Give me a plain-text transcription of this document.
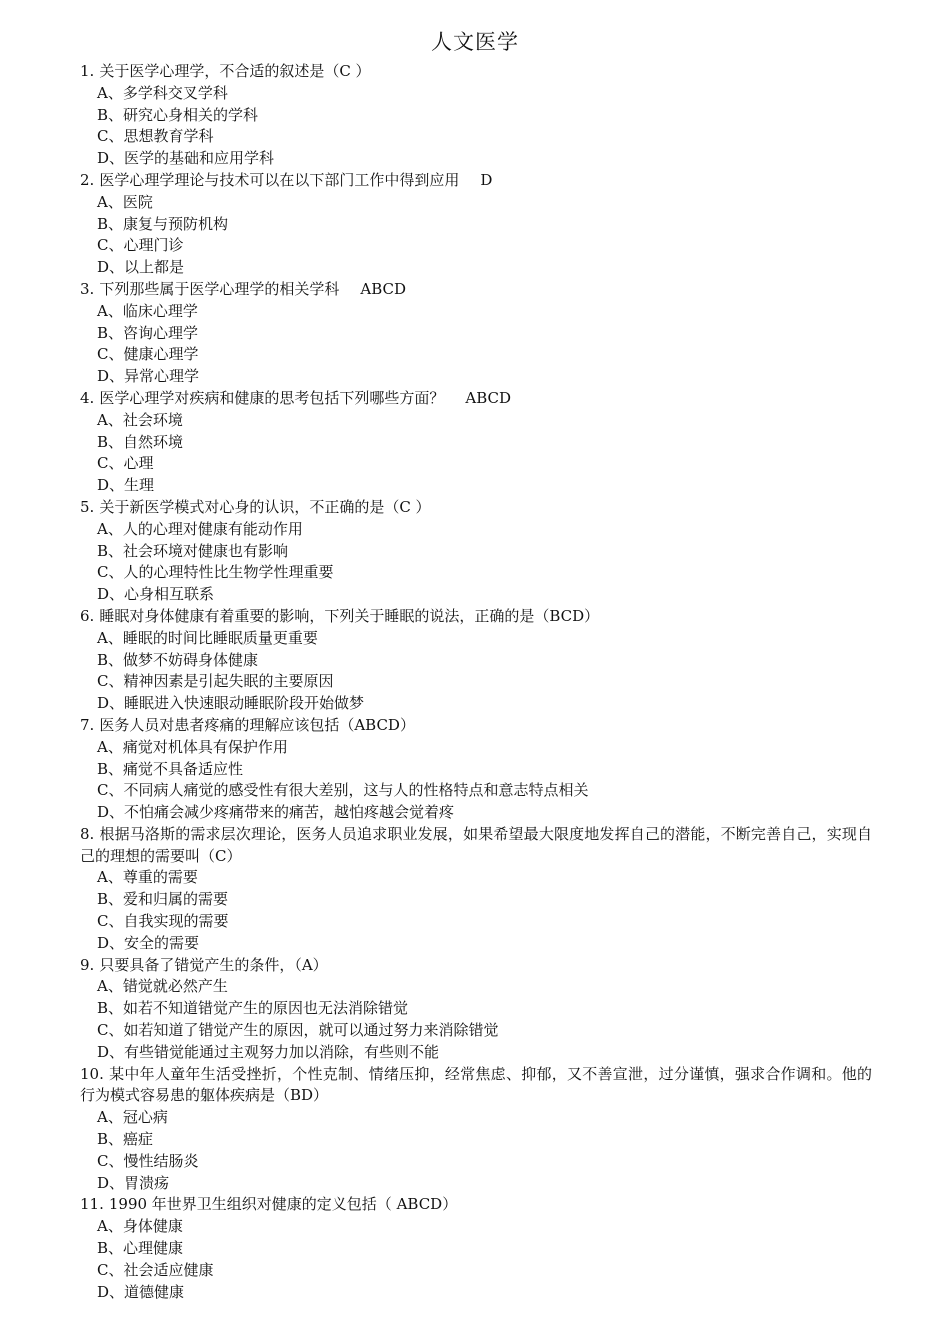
人文医学
1. 关于医学心理学，不合适的叙述是（C ）
A、多学科交叉学科
B、研究心身相关的学科
C、思想教育学科
D、医学的基础和应用学科
2. 医学心理学理论与技术可以在以下部门工作中得到应用    D
A、医院
B、康复与预防机构
C、心理门诊
D、以上都是
3. 下列那些属于医学心理学的相关学科    ABCD
A、临床心理学
B、咨询心理学
C、健康心理学
D、异常心理学
4. 医学心理学对疾病和健康的思考包括下列哪些方面？    ABCD
A、社会环境
B、自然环境
C、心理
D、生理
5. 关于新医学模式对心身的认识，不正确的是（C ）
A、人的心理对健康有能动作用
B、社会环境对健康也有影响
C、人的心理特性比生物学性理重要
D、心身相互联系
6. 睡眠对身体健康有着重要的影响，下列关于睡眠的说法，正确的是（BCD）
A、睡眠的时间比睡眠质量更重要
B、做梦不妨碍身体健康
C、精神因素是引起失眠的主要原因
D、睡眠进入快速眼动睡眠阶段开始做梦
7. 医务人员对患者疼痛的理解应该包括（ABCD）
A、痛觉对机体具有保护作用
B、痛觉不具备适应性
C、不同病人痛觉的感受性有很大差别，这与人的性格特点和意志特点相关
D、不怕痛会减少疼痛带来的痛苦，越怕疼越会觉着疼
8. 根据马洛斯的需求层次理论，医务人员追求职业发展，如果希望最大限度地发挥自己的潜能，不断完善自己，实现自己的理想的需要叫（C）
A、尊重的需要
B、爱和归属的需要
C、自我实现的需要
D、安全的需要
9. 只要具备了错觉产生的条件，（A）
A、错觉就必然产生
B、如若不知道错觉产生的原因也无法消除错觉
C、如若知道了错觉产生的原因，就可以通过努力来消除错觉
D、有些错觉能通过主观努力加以消除，有些则不能
10. 某中年人童年生活受挫折，个性克制、情绪压抑，经常焦虑、抑郁，又不善宣泄，过分谨慎，强求合作调和。他的行为模式容易患的躯体疾病是（BD）
A、冠心病
B、癌症
C、慢性结肠炎
D、胃溃疡
11. 1990 年世界卫生组织对健康的定义包括（ ABCD）
A、身体健康
B、心理健康
C、社会适应健康
D、道德健康
